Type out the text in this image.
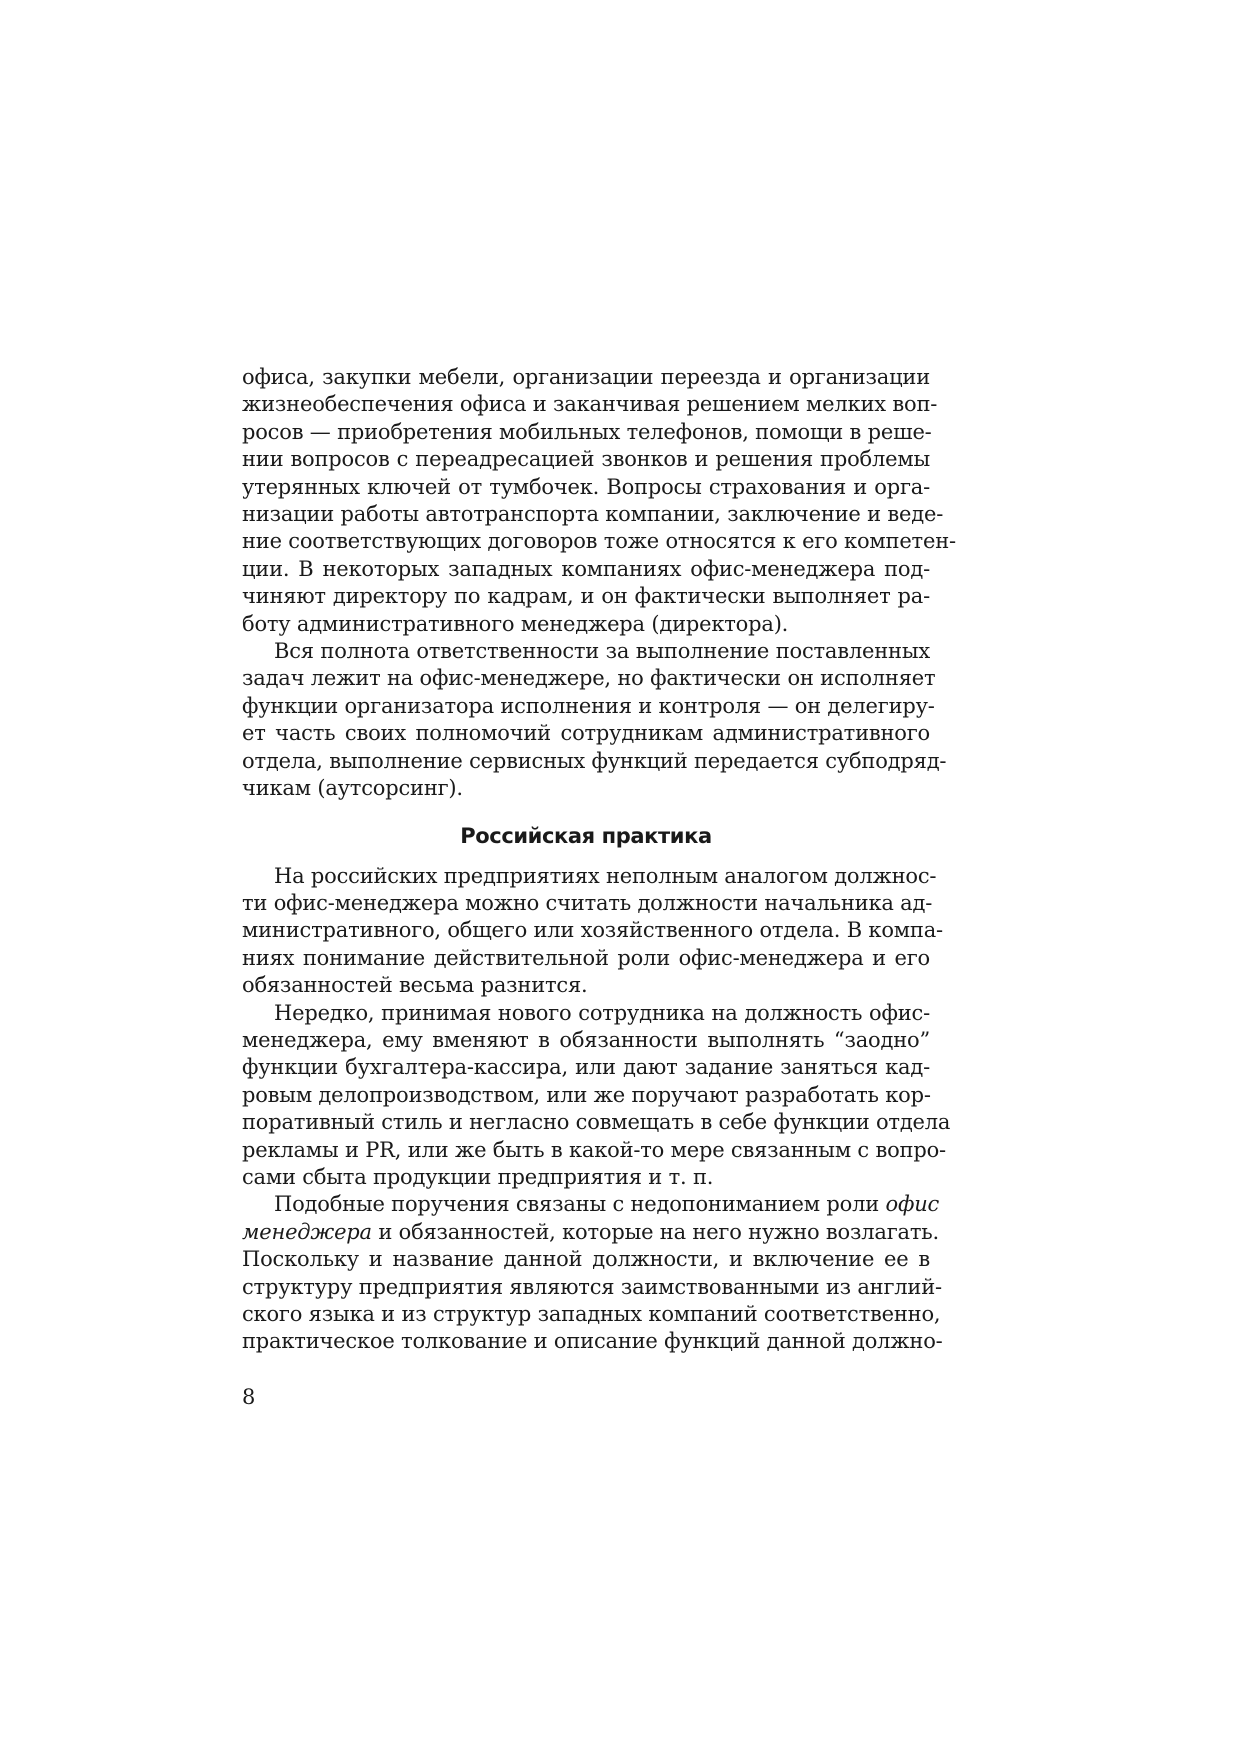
офиса, закупки мебели, организации переезда и организации
жизнеобеспечения офиса и заканчивая решением мелких воп-
росов — приобретения мобильных телефонов, помощи в реше-
нии вопросов с переадресацией звонков и решения проблемы
утерянных ключей от тумбочек. Вопросы страхования и орга-
низации работы автотранспорта компании, заключение и веде-
ние соответствующих договоров тоже относятся к его компетен-
ции. В некоторых западных компаниях офис-менеджера под-
чиняют директору по кадрам, и он фактически выполняет ра-
боту административного менеджера (директора).

Вся полнота ответственности за выполнение поставленных
задач лежит на офис-менеджере, но фактически он исполняет
функции организатора исполнения и контроля — он делегиру-
ет часть своих полномочий сотрудникам административного
отдела, выполнение сервисных функций передается субподряд-
чикам (аутсорсинг).

Российская практика

На российских предприятиях неполным аналогом должнос-
ти офис-менеджера можно считать должности начальника ад-
министративного, общего или хозяйственного отдела. В компа-
ниях понимание действительной роли офис-менеджера и его
обязанностей весьма разнится.

Нередко, принимая нового сотрудника на должность офис-
менеджера, ему вменяют в обязанности выполнять “заодно”
функции бухгалтера-кассира, или дают задание заняться кад-
ровым делопроизводством, или же поручают разработать кор-
поративный стиль и негласно совмещать в себе функции отдела
рекламы и PR, или же быть в какой-то мере связанным с вопро-
сами сбыта продукции предприятия и т. п.

Подобные поручения связаны с недопониманием роли офис
менеджера и обязанностей, которые на него нужно возлагать.
Поскольку и название данной должности, и включение ее в
структуру предприятия являются заимствованными из англий-
ского языка и из структур западных компаний соответственно,
практическое толкование и описание функций данной должно-

8
